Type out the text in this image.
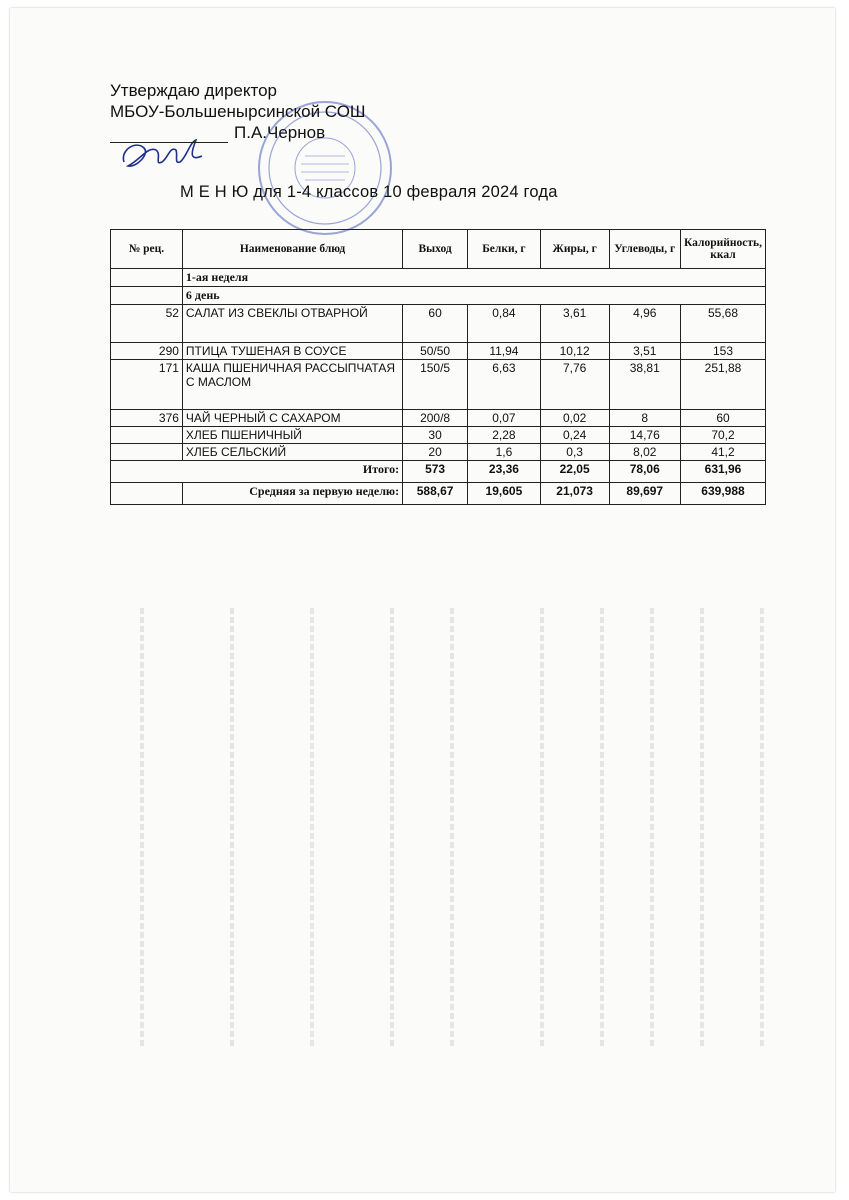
Утверждаю директор
МБОУ-Большенырсинской СОШ
П.А.Чернов
М Е Н Ю для 1-4 классов 10 февраля 2024 года
№ рец.	Наименование блюд	Выход	Белки, г	Жиры, г	Углеводы, г	Калорийность, ккал
	1-ая неделя					
	6 день					
52	САЛАТ ИЗ СВЕКЛЫ ОТВАРНОЙ	60	0,84	3,61	4,96	55,68
290	ПТИЦА ТУШЕНАЯ В СОУСЕ	50/50	11,94	10,12	3,51	153
171	КАША ПШЕНИЧНАЯ РАССЫПЧАТАЯ С МАСЛОМ	150/5	6,63	7,76	38,81	251,88
376	ЧАЙ ЧЕРНЫЙ С САХАРОМ	200/8	0,07	0,02	8	60
	ХЛЕБ ПШЕНИЧНЫЙ	30	2,28	0,24	14,76	70,2
	ХЛЕБ СЕЛЬСКИЙ	20	1,6	0,3	8,02	41,2
Итого:		573	23,36	22,05	78,06	631,96
	Средняя за первую неделю:	588,67	19,605	21,073	89,697	639,988
